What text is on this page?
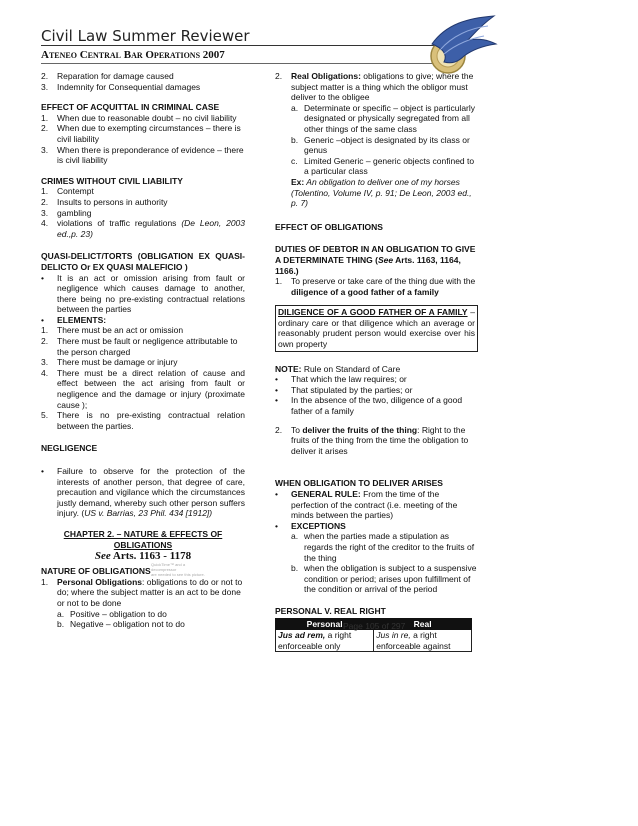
Civil Law Summer Reviewer
Ateneo Central Bar Operations 2007
2.	Reparation for damage caused
3.	Indemnity for Consequential damages
EFFECT OF ACQUITTAL IN CRIMINAL CASE
1.	When due to reasonable doubt – no civil liability
2.	When due to exempting circumstances – there is civil liability
3.	When there is preponderance of evidence – there is civil liability
CRIMES WITHOUT CIVIL LIABILITY
1.	Contempt
2.	Insults to persons in authority
3.	gambling
4.	violations of traffic regulations (De Leon, 2003 ed.,p. 23)
QUASI-DELICT/TORTS (OBLIGATION EX QUASI-DELICTO Or EX QUASI MALEFICIO )
•	It is an act or omission arising from fault or negligence which causes damage to another, there being no pre-existing contractual relations between the parties
•	ELEMENTS:
1.	There must be an act or omission
2.	There must be fault or negligence attributable to the person charged
3.	There must be damage or injury
4.	There must be a direct relation of cause and effect between the act arising from fault or negligence and the damage or injury (proximate cause );
5.	There is no pre-existing contractual relation between the parties.
NEGLIGENCE
•	Failure to observe for the protection of the interests of another person, that degree of care, precaution and vigilance which the circumstances justly demand, whereby such other person suffers injury. (US v. Barrias, 23 Phil. 434 [1912])
CHAPTER 2. – NATURE & EFFECTS OF OBLIGATIONS
See Arts. 1163 - 1178
QuickTime™ and a
decompressor
are needed to see this picture.
NATURE OF OBLIGATIONS
1.	Personal Obligations: obligations to do or not to do; where the subject matter is an act to be done or not to be done
a. Positive – obligation to do
b. Negative – obligation not to do
2.	Real Obligations: obligations to give; where the subject matter is a thing which the obligor must deliver to the obligee
a. Determinate or specific – object is particularly designated or physically segregated from all other things of the same class
b. Generic –object is designated by its class or genus
c. Limited Generic – generic objects confined to a particular class
Ex: An obligation to deliver one of my horses (Tolentino, Volume IV, p. 91; De Leon, 2003 ed., p. 7)
EFFECT OF OBLIGATIONS
DUTIES OF DEBTOR IN AN OBLIGATION TO GIVE A DETERMINATE THING (See Arts. 1163, 1164, 1166.)
1.	To preserve or take care of the thing due with the diligence of a good father of a family
DILIGENCE OF A GOOD FATHER OF A FAMILY – ordinary care or that diligence which an average or reasonably prudent person would exercise over his own property
NOTE: Rule on Standard of Care
•	That which the law requires; or
•	That stipulated by the parties; or
•	In the absence of the two, diligence of a good father of a family
2.	To deliver the fruits of the thing: Right to the fruits of the thing from the time the obligation to deliver it arises
WHEN OBLIGATION TO DELIVER ARISES
•	GENERAL RULE: From the time of the perfection of the contract (i.e. meeting of the minds between the parties)
•	EXCEPTIONS
a. when the parties made a stipulation as regards the right of the creditor to the fruits of the thing
b. when the obligation is subject to a suspensive condition or period; arises upon fulfillment of the condition or arrival of the period
PERSONAL V. REAL RIGHT
Personal	Real
Jus ad rem, a right enforceable only	Jus in re, a right enforceable against
Page 105 of 297
